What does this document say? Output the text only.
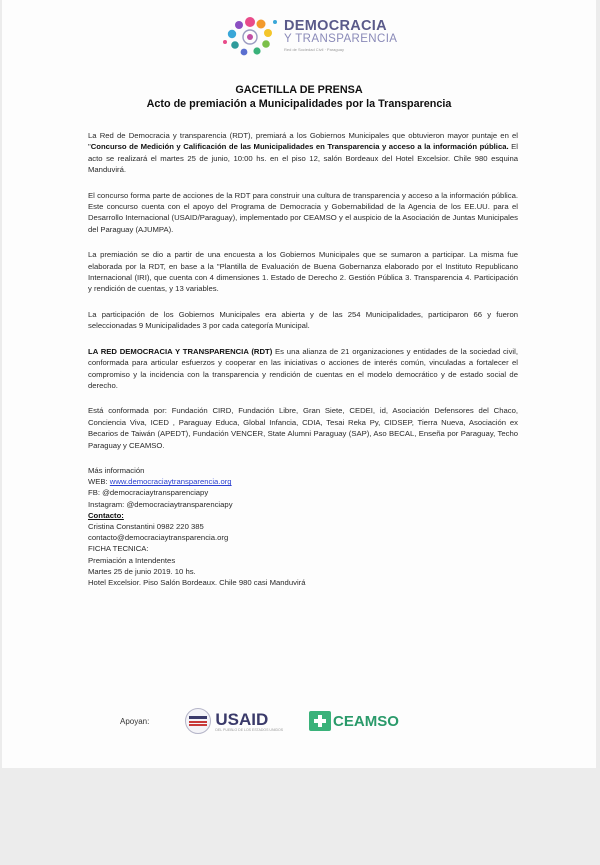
DEMOCRACIA
Y TRANSPARENCIA
Red de Sociedad Civil · Paraguay
GACETILLA DE PRENSA
Acto de premiación a Municipalidades por la Transparencia

La Red de Democracia y transparencia (RDT), premiará a los Gobiernos Municipales que obtuvieron mayor puntaje en el "Concurso de Medición y Calificación de las Municipalidades en Transparencia y acceso a la información pública. El acto se realizará el martes 25 de junio, 10:00 hs. en el piso 12, salón Bordeaux del Hotel Excelsior. Chile 980 esquina Manduvirá.

El concurso forma parte de acciones de la RDT para construir una cultura de transparencia y acceso a la información pública. Este concurso cuenta con el apoyo del Programa de Democracia y Gobernabilidad de la Agencia de los EE.UU. para el Desarrollo Internacional (USAID/Paraguay), implementado por CEAMSO y el auspicio de la Asociación de Juntas Municipales del Paraguay (AJUMPA).

La premiación se dio a partir de una encuesta a los Gobiernos Municipales que se sumaron a participar. La misma fue elaborada por la RDT, en base a la "Plantilla de Evaluación de Buena Gobernanza elaborado por el Instituto Republicano Internacional (IRI), que cuenta con 4 dimensiones 1. Estado de Derecho 2. Gestión Pública 3. Transparencia 4. Participación y rendición de cuentas, y 13 variables.

La participación de los Gobiernos Municipales era abierta y de las 254 Municipalidades, participaron 66 y fueron seleccionadas 9 Municipalidades 3 por cada categoría Municipal.

LA RED DEMOCRACIA Y TRANSPARENCIA (RDT) Es una alianza de 21 organizaciones y entidades de la sociedad civil, conformada para articular esfuerzos y cooperar en las iniciativas o acciones de interés común, vinculadas a fortalecer el compromiso y la incidencia con la transparencia y rendición de cuentas en el modelo democrático y de estado social de derecho.

Está conformada por: Fundación CIRD, Fundación Libre, Gran Siete, CEDEI, id, Asociación Defensores del Chaco, Conciencia Viva, ICED , Paraguay Educa, Global Infancia, CDIA, Tesai Reka Py, CIDSEP, Tierra Nueva, Asociación ex Becarios de Taiwán (APEDT), Fundación VENCER, State Alumni Paraguay (SAP), Aso BECAL, Enseña por Paraguay, Techo Paraguay y CEAMSO.

Más información
WEB: www.democraciaytransparencia.org
FB: @democraciaytransparenciapy
Instagram: @democraciaytransparenciapy
Contacto:
Cristina Constantini 0982 220 385
contacto@democraciaytransparencia.org
FICHA TECNICA:
Premiación a Intendentes
Martes 25 de junio 2019. 10 hs.
Hotel Excelsior. Piso Salón Bordeaux. Chile 980 casi Manduvirá
Apoyan:	USAID
DEL PUEBLO DE LOS ESTADOS UNIDOS	CEAMSO
